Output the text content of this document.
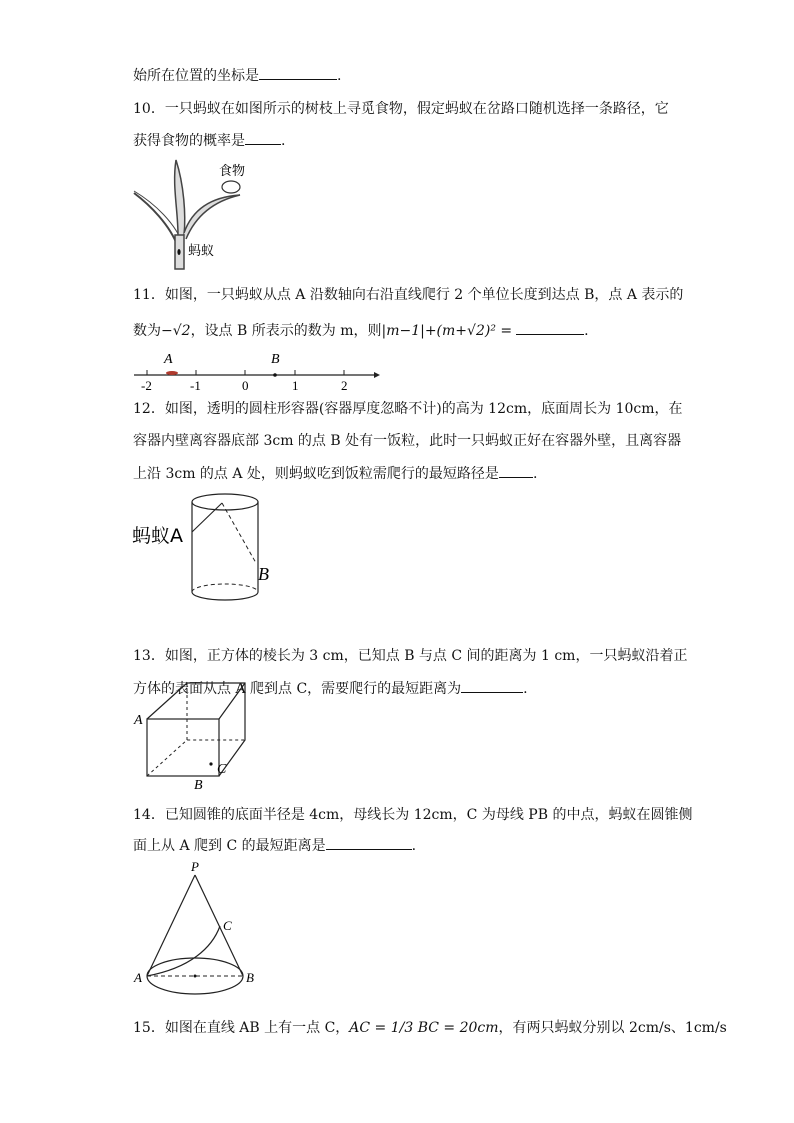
始所在位置的坐标是	.
10．一只蚂蚁在如图所示的树枝上寻觅食物，假定蚂蚁在岔路口随机选择一条路径，它
获得食物的概率是	.
食物
蚂蚁
11．如图，一只蚂蚁从点 A 沿数轴向右沿直线爬行 2 个单位长度到达点 B，点 A 表示的
数为−√2，设点 B 所表示的数为 m，则|m−1|+(m+√2)² =	.
-2	-1	0	1	2
A	B
12．如图，透明的圆柱形容器(容器厚度忽略不计)的高为 12cm，底面周长为 10cm，在
容器内壁离容器底部 3cm 的点 B 处有一饭粒，此时一只蚂蚁正好在容器外壁，且离容器
上沿 3cm 的点 A 处，则蚂蚁吃到饭粒需爬行的最短路径是 .
蚂蚁A
B
13．如图，正方体的棱长为 3 cm，已知点 B 与点 C 间的距离为 1 cm，一只蚂蚁沿着正
方体的表面从点 A 爬到点 C，需要爬行的最短距离为	.
A
B
C
14．已知圆锥的底面半径是 4cm，母线长为 12cm，C 为母线 PB 的中点，蚂蚁在圆锥侧
面上从 A 爬到 C 的最短距离是	.
P
A	B
C
15．如图在直线 AB 上有一点 C，AC = 1/3 BC = 20cm，有两只蚂蚁分别以 2cm/s、1cm/s
